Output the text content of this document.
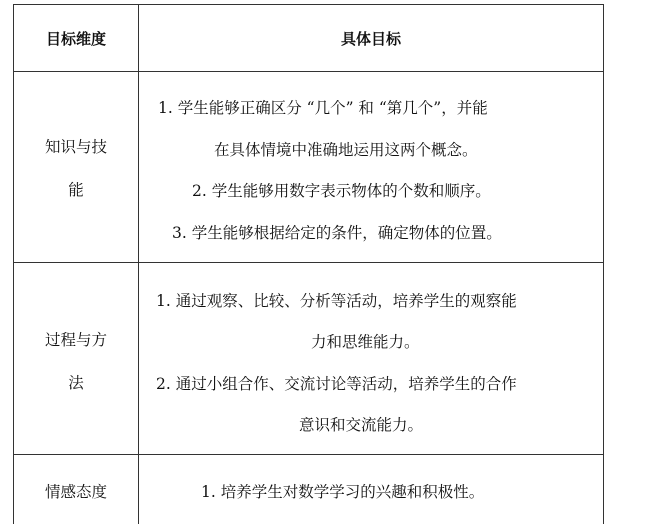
目标维度	具体目标
知识与技
能
1. 学生能够正确区分 “几个” 和 “第几个”，并能
在具体情境中准确地运用这两个概念。
2. 学生能够用数字表示物体的个数和顺序。
3. 学生能够根据给定的条件，确定物体的位置。
过程与方
法
1. 通过观察、比较、分析等活动，培养学生的观察能
力和思维能力。
2. 通过小组合作、交流讨论等活动，培养学生的合作
意识和交流能力。
情感态度	1. 培养学生对数学学习的兴趣和积极性。
